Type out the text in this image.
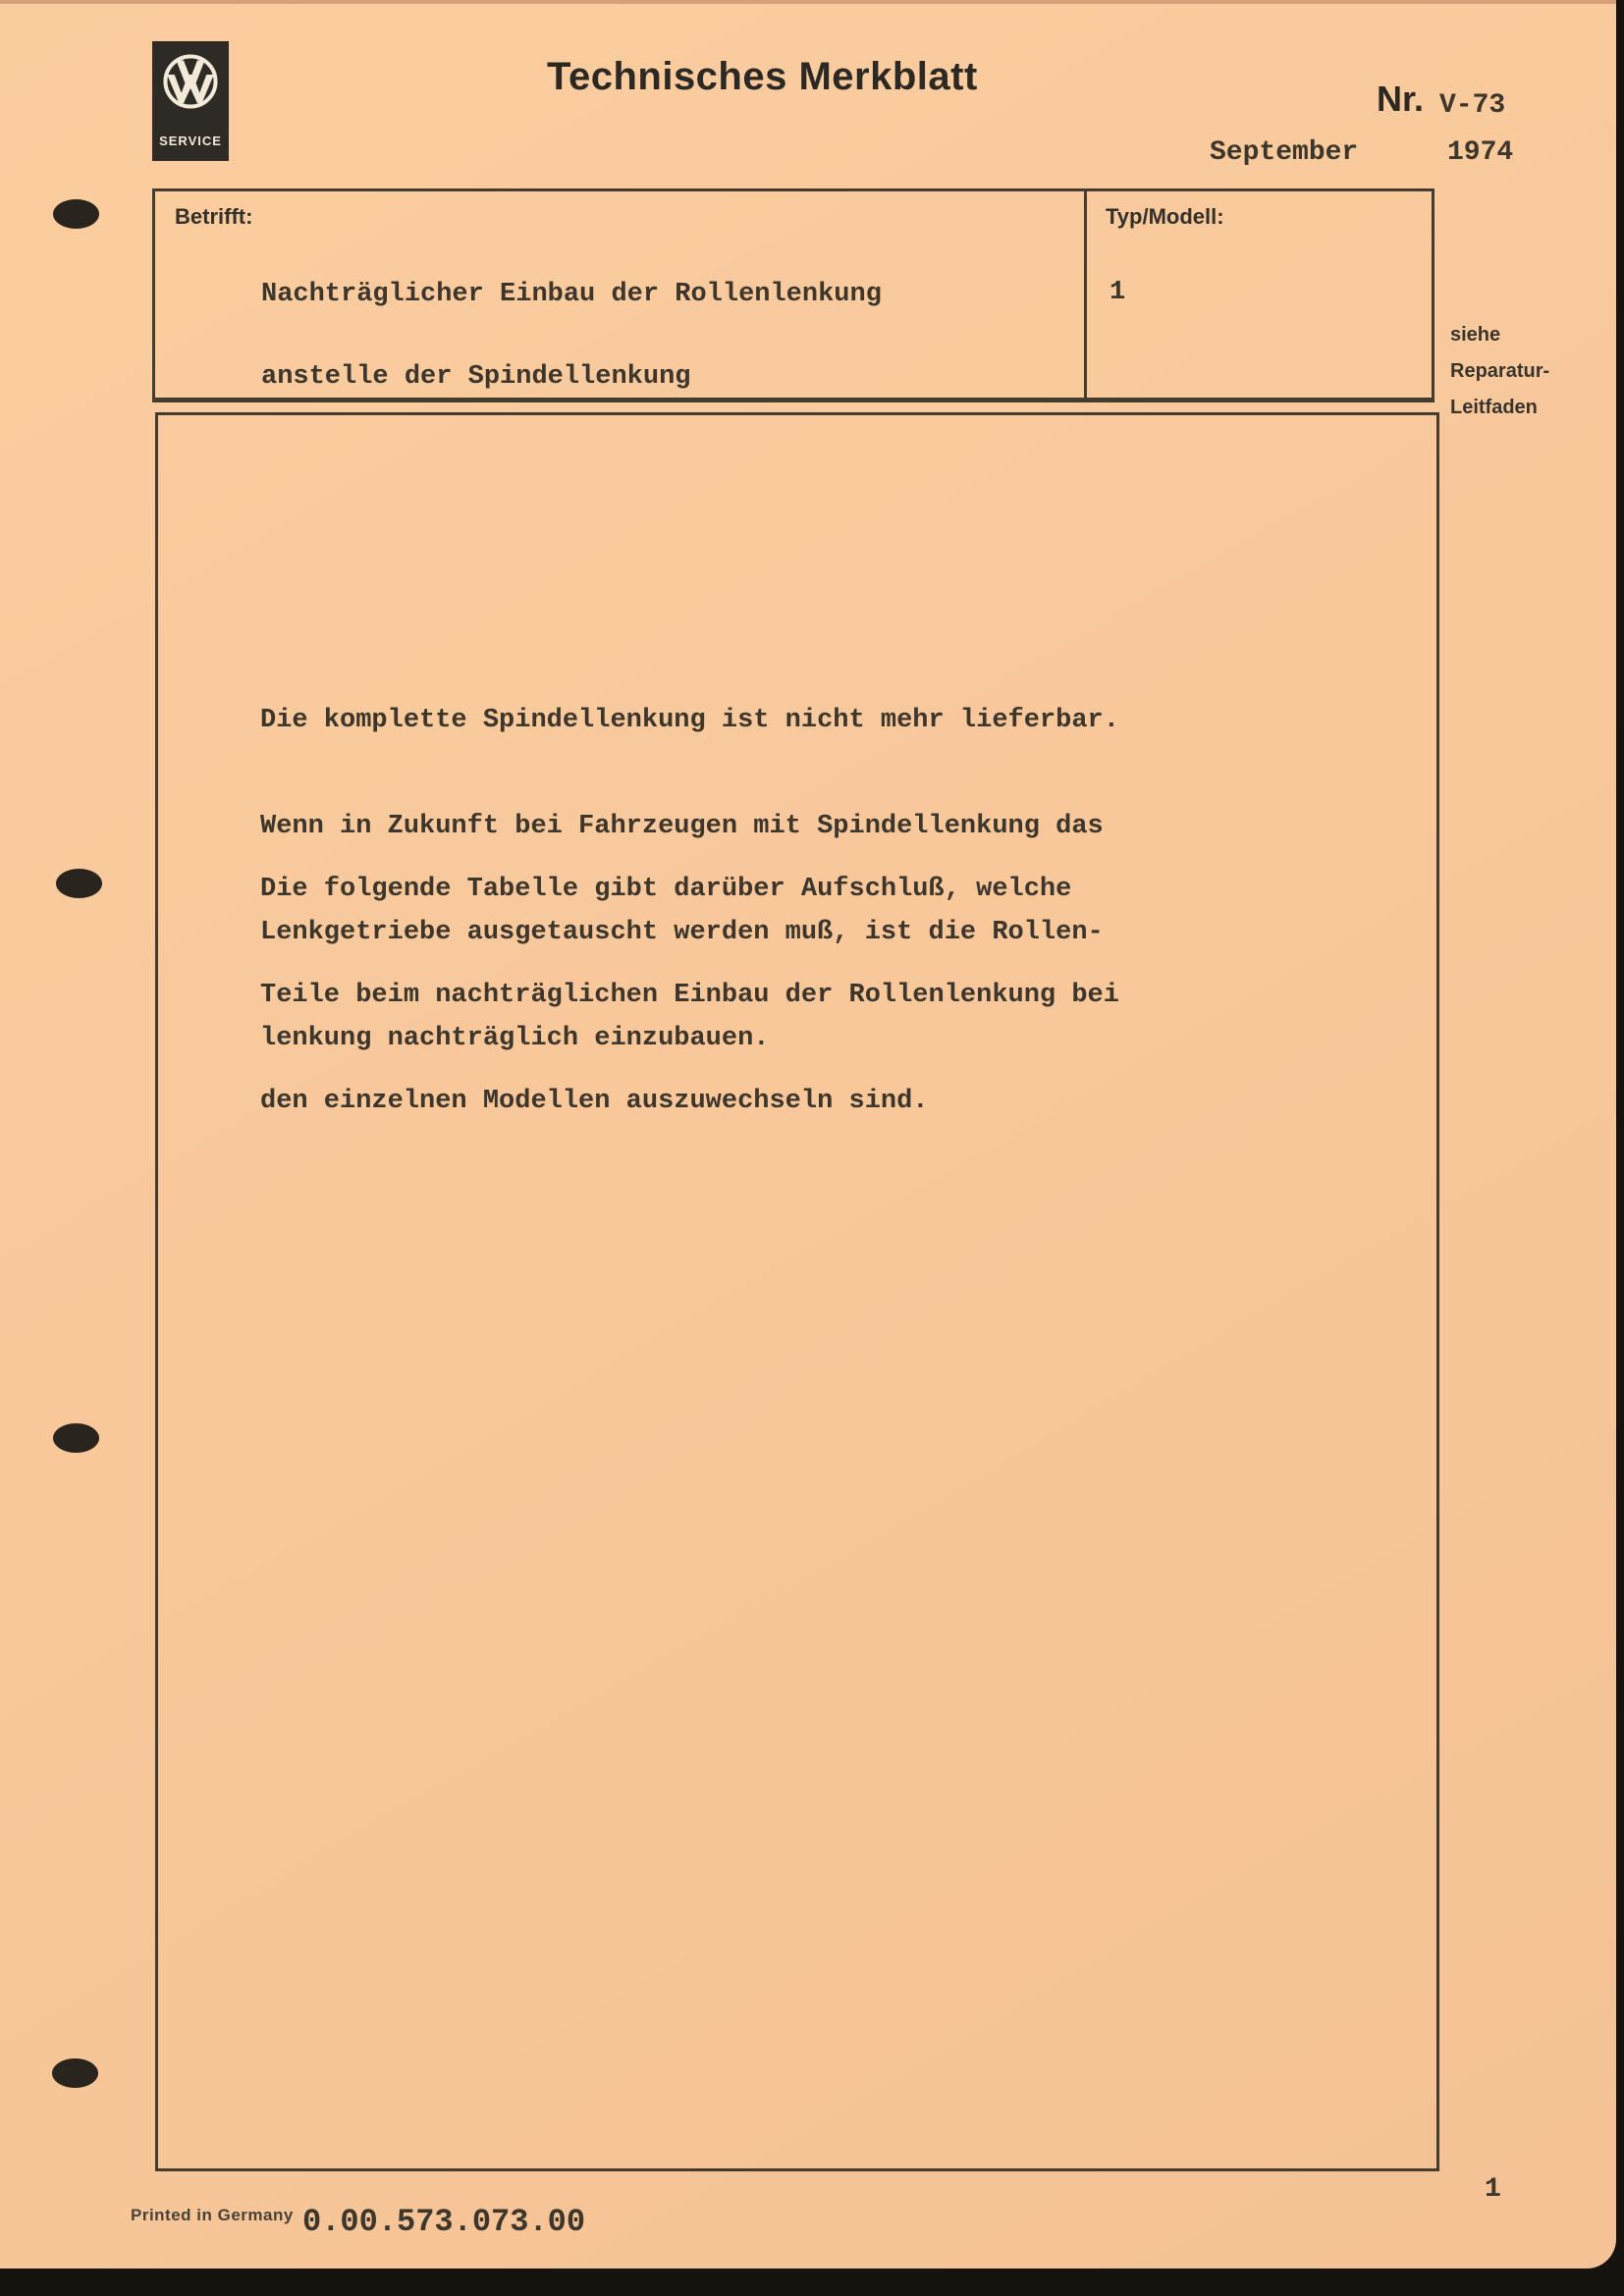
SERVICE
Technisches Merkblatt
Nr. V-73
September	1974
Betrifft:
Nachträglicher Einbau der Rollenlenkung

anstelle der Spindellenkung
Typ/Modell:
1
siehe
Reparatur-
Leitfaden

Die komplette Spindellenkung ist nicht mehr lieferbar.

Wenn in Zukunft bei Fahrzeugen mit Spindellenkung das

Lenkgetriebe ausgetauscht werden muß, ist die Rollen-

lenkung nachträglich einzubauen.

Die folgende Tabelle gibt darüber Aufschluß, welche

Teile beim nachträglichen Einbau der Rollenlenkung bei

den einzelnen Modellen auszuwechseln sind.

Printed in Germany 0.00.573.073.00
1
